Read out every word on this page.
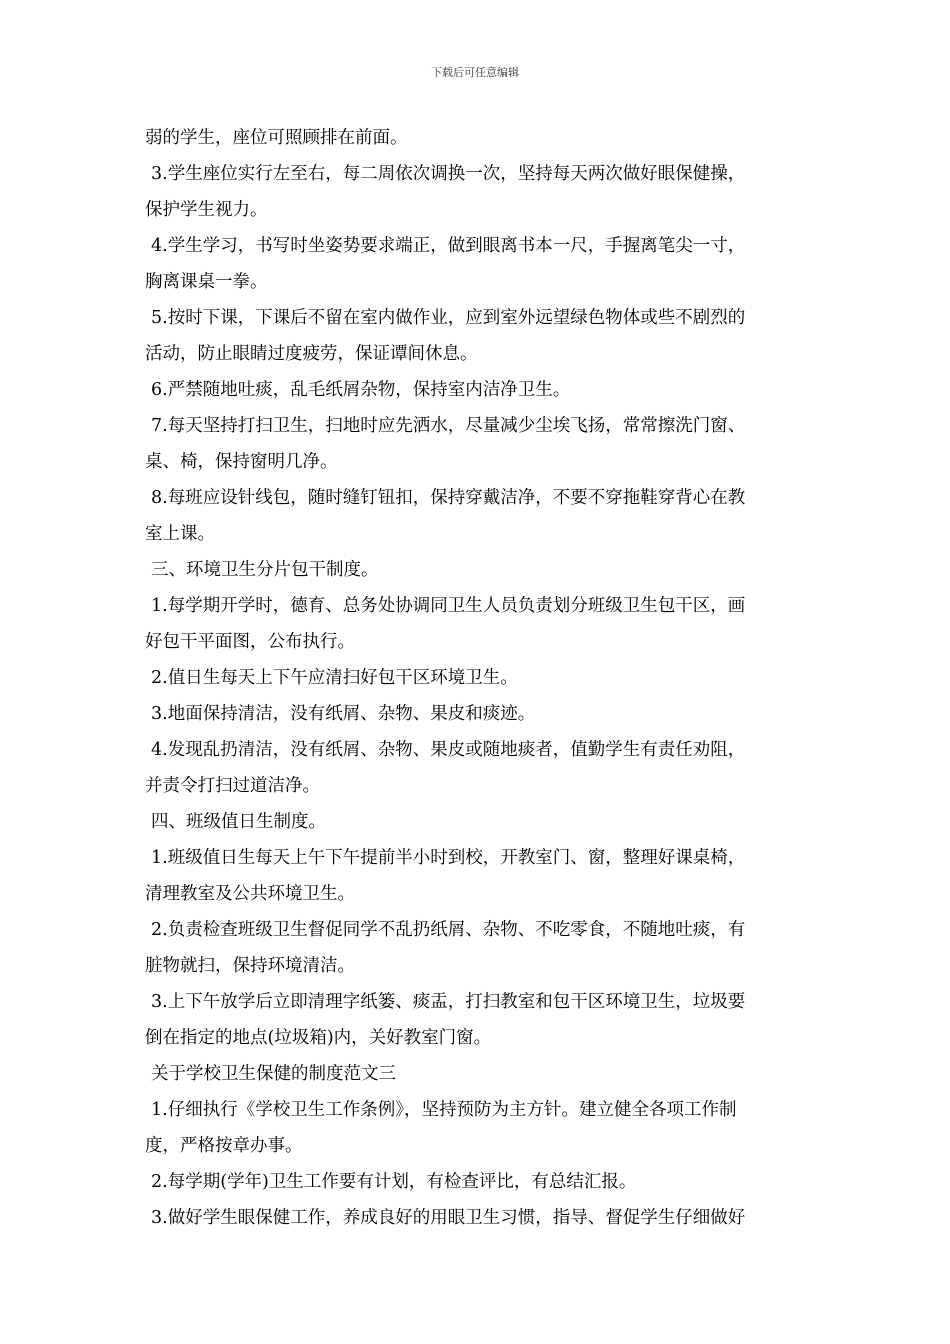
下载后可任意编辑
弱的学生，座位可照顾排在前面。
3.学生座位实行左至右，每二周依次调换一次，坚持每天两次做好眼保健操，
保护学生视力。
4.学生学习，书写时坐姿势要求端正，做到眼离书本一尺，手握离笔尖一寸，
胸离课桌一拳。
5.按时下课，下课后不留在室内做作业，应到室外远望绿色物体或些不剧烈的
活动，防止眼睛过度疲劳，保证谭间休息。
6.严禁随地吐痰，乱毛纸屑杂物，保持室内洁净卫生。
7.每天坚持打扫卫生，扫地时应先洒水，尽量减少尘埃飞扬，常常擦洗门窗、
桌、椅，保持窗明几净。
8.每班应设针线包，随时缝钉钮扣，保持穿戴洁净，不要不穿拖鞋穿背心在教
室上课。
三、环境卫生分片包干制度。
1.每学期开学时，德育、总务处协调同卫生人员负责划分班级卫生包干区，画
好包干平面图，公布执行。
2.值日生每天上下午应清扫好包干区环境卫生。
3.地面保持清洁，没有纸屑、杂物、果皮和痰迹。
4.发现乱扔清洁，没有纸屑、杂物、果皮或随地痰者，值勤学生有责任劝阻，
并责令打扫过道洁净。
四、班级值日生制度。
1.班级值日生每天上午下午提前半小时到校，开教室门、窗，整理好课桌椅，
清理教室及公共环境卫生。
2.负责检查班级卫生督促同学不乱扔纸屑、杂物、不吃零食，不随地吐痰，有
脏物就扫，保持环境清洁。
3.上下午放学后立即清理字纸篓、痰盂，打扫教室和包干区环境卫生，垃圾要
倒在指定的地点(垃圾箱)内，关好教室门窗。
关于学校卫生保健的制度范文三
1.仔细执行《学校卫生工作条例》，坚持预防为主方针。建立健全各项工作制
度，严格按章办事。
2.每学期(学年)卫生工作要有计划，有检查评比，有总结汇报。
3.做好学生眼保健工作，养成良好的用眼卫生习惯，指导、督促学生仔细做好
